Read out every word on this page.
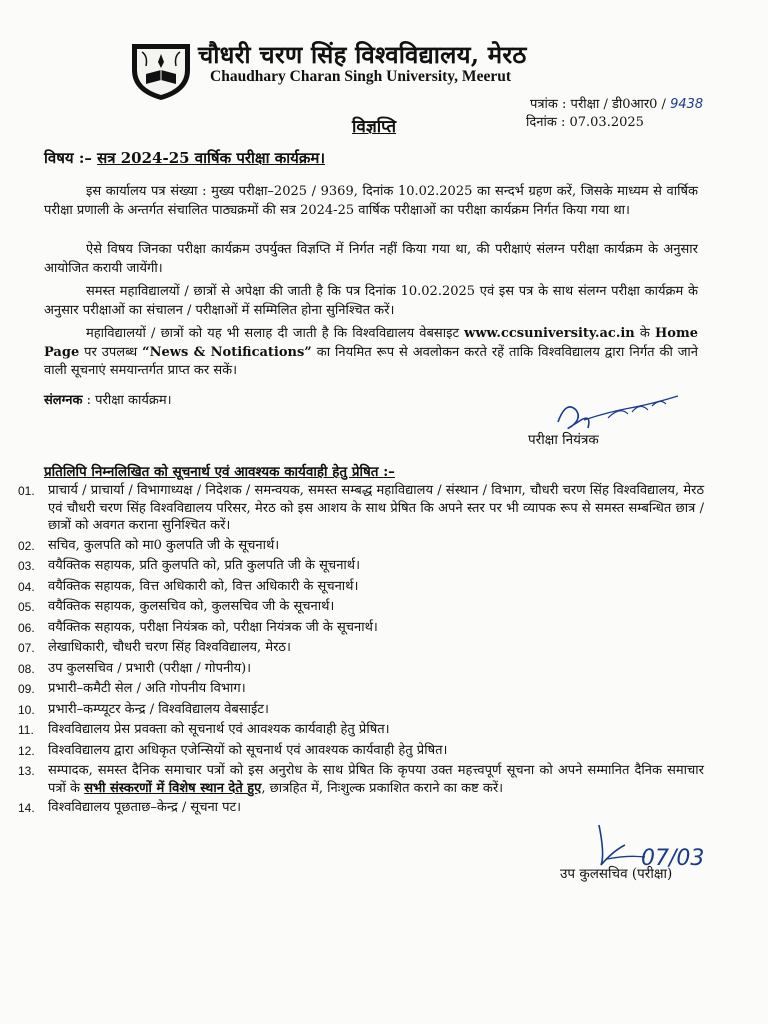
चौधरी चरण सिंह विश्वविद्यालय, मेरठ
Chaudhary Charan Singh University, Meerut
पत्रांक : परीक्षा / डी0आर0 / 9438
दिनांक : 07.03.2025
विज्ञप्ति
विषय :– सत्र 2024-25 वार्षिक परीक्षा कार्यक्रम।
इस कार्यालय पत्र संख्या : मुख्य परीक्षा–2025 / 9369, दिनांक 10.02.2025 का सन्दर्भ ग्रहण करें, जिसके माध्यम से वार्षिक परीक्षा प्रणाली के अन्तर्गत संचालित पाठ्यक्रमों की सत्र 2024-25 वार्षिक परीक्षाओं का परीक्षा कार्यक्रम निर्गत किया गया था।
ऐसे विषय जिनका परीक्षा कार्यक्रम उपर्युक्त विज्ञप्ति में निर्गत नहीं किया गया था, की परीक्षाएं संलग्न परीक्षा कार्यक्रम के अनुसार आयोजित करायी जायेंगी।
समस्त महाविद्यालयों / छात्रों से अपेक्षा की जाती है कि पत्र दिनांक 10.02.2025 एवं इस पत्र के साथ संलग्न परीक्षा कार्यक्रम के अनुसार परीक्षाओं का संचालन / परीक्षाओं में सम्मिलित होना सुनिश्चित करें।
महाविद्यालयों / छात्रों को यह भी सलाह दी जाती है कि विश्वविद्यालय वेबसाइट www.ccsuniversity.ac.in के Home Page पर उपलब्ध “News & Notifications” का नियमित रूप से अवलोकन करते रहें ताकि विश्वविद्यालय द्वारा निर्गत की जाने वाली सूचनाएं समयान्तर्गत प्राप्त कर सकें।
संलग्नक : परीक्षा कार्यक्रम।
परीक्षा नियंत्रक
प्रतिलिपि निम्नलिखित को सूचनार्थ एवं आवश्यक कार्यवाही हेतु प्रेषित :–
01.	प्राचार्य / प्राचार्या / विभागाध्यक्ष / निदेशक / समन्वयक, समस्त सम्बद्ध महाविद्यालय / संस्थान / विभाग, चौधरी चरण सिंह विश्वविद्यालय, मेरठ एवं चौधरी चरण सिंह विश्वविद्यालय परिसर, मेरठ को इस आशय के साथ प्रेषित कि अपने स्तर पर भी व्यापक रूप से समस्त सम्बन्धित छात्र / छात्रों को अवगत कराना सुनिश्चित करें।
02.	सचिव, कुलपति को मा0 कुलपति जी के सूचनार्थ।
03.	वयैक्तिक सहायक, प्रति कुलपति को, प्रति कुलपति जी के सूचनार्थ।
04.	वयैक्तिक सहायक, वित्त अधिकारी को, वित्त अधिकारी के सूचनार्थ।
05.	वयैक्तिक सहायक, कुलसचिव को, कुलसचिव जी के सूचनार्थ।
06.	वयैक्तिक सहायक, परीक्षा नियंत्रक को, परीक्षा नियंत्रक जी के सूचनार्थ।
07.	लेखाधिकारी, चौधरी चरण सिंह विश्वविद्यालय, मेरठ।
08.	उप कुलसचिव / प्रभारी (परीक्षा / गोपनीय)।
09.	प्रभारी–कमैटी सेल / अति गोपनीय विभाग।
10.	प्रभारी–कम्प्यूटर केन्द्र / विश्वविद्यालय वेबसाईट।
11.	विश्वविद्यालय प्रेस प्रवक्ता को सूचनार्थ एवं आवश्यक कार्यवाही हेतु प्रेषित।
12.	विश्वविद्यालय द्वारा अधिकृत एजेन्सियों को सूचनार्थ एवं आवश्यक कार्यवाही हेतु प्रेषित।
13.	सम्पादक, समस्त दैनिक समाचार पत्रों को इस अनुरोध के साथ प्रेषित कि कृपया उक्त महत्त्वपूर्ण सूचना को अपने सम्मानित दैनिक समाचार पत्रों के सभी संस्करणों में विशेष स्थान देते हुए, छात्रहित में, निःशुल्क प्रकाशित कराने का कष्ट करें।
14.	विश्वविद्यालय पूछताछ–केन्द्र / सूचना पट।
07/03
उप कुलसचिव (परीक्षा)
